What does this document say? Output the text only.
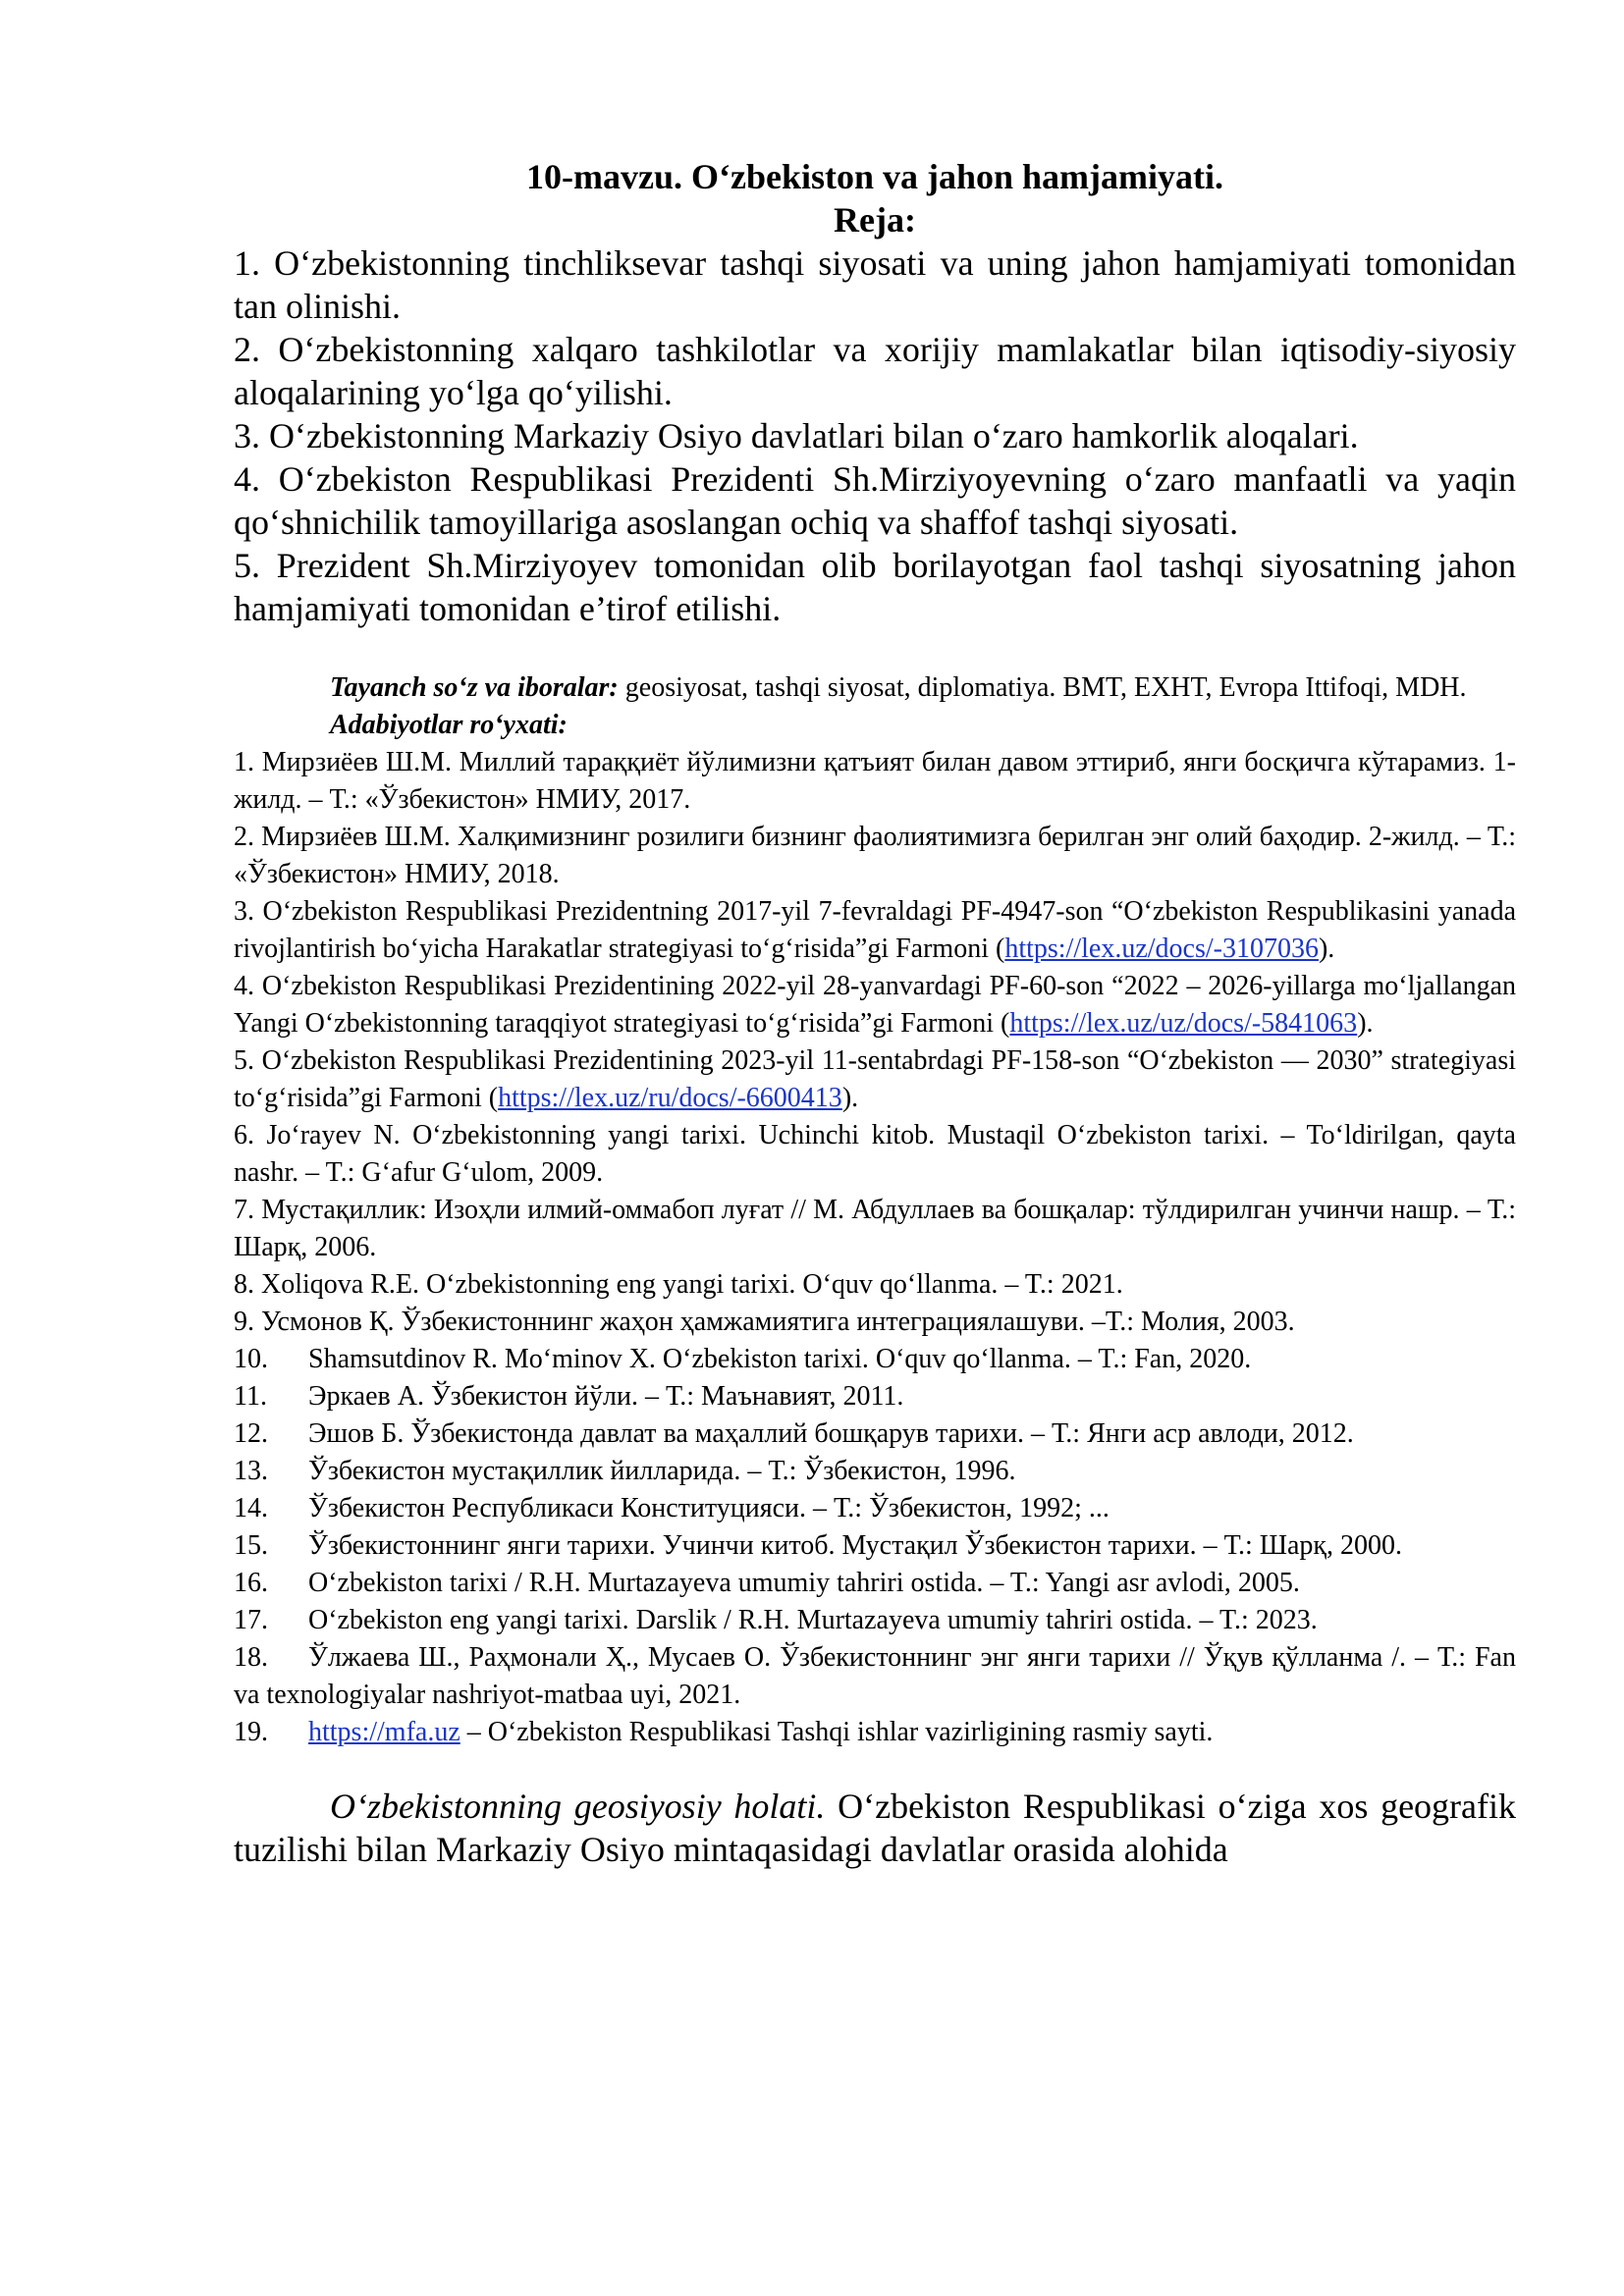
10-mavzu. O‘zbekiston va jahon hamjamiyati.
Reja:
1. O‘zbekistonning tinchliksevar tashqi siyosati va uning jahon hamjamiyati tomonidan tan olinishi.
2. O‘zbekistonning xalqaro tashkilotlar va xorijiy mamlakatlar bilan iqtisodiy-siyosiy aloqalarining yo‘lga qo‘yilishi.
3. O‘zbekistonning Markaziy Osiyo davlatlari bilan o‘zaro hamkorlik aloqalari.
4. O‘zbekiston Respublikasi Prezidenti Sh.Mirziyoyevning o‘zaro manfaatli va yaqin qo‘shnichilik tamoyillariga asoslangan ochiq va shaffof tashqi siyosati.
5. Prezident Sh.Mirziyoyev tomonidan olib borilayotgan faol tashqi siyosatning jahon hamjamiyati tomonidan e’tirof etilishi.
Tayanch so‘z va iboralar: geosiyosat, tashqi siyosat, diplomatiya. BMT, EXHT, Evropa Ittifoqi, MDH.
Adabiyotlar ro‘yxati:
1. Мирзиёев Ш.М. Миллий тараққиёт йўлимизни қатъият билан давом эттириб, янги босқичга кўтарамиз. 1-жилд. – Т.: «Ўзбекистон» НМИУ, 2017.
2. Мирзиёев Ш.М. Халқимизнинг розилиги бизнинг фаолиятимизга берилган энг олий баҳодир. 2-жилд. – Т.: «Ўзбекистон» НМИУ, 2018.
3. O‘zbekiston Respublikasi Prezidentning 2017-yil 7-fevraldagi PF-4947-son “O‘zbekiston Respublikasini yanada rivojlantirish bo‘yicha Harakatlar strategiyasi to‘g‘risida”gi Farmoni (https://lex.uz/docs/-3107036).
4. O‘zbekiston Respublikasi Prezidentining 2022-yil 28-yanvardagi PF-60-son “2022 – 2026-yillarga mo‘ljallangan Yangi O‘zbekistonning taraqqiyot strategiyasi to‘g‘risida”gi Farmoni (https://lex.uz/uz/docs/-5841063).
5. O‘zbekiston Respublikasi Prezidentining 2023-yil 11-sentabrdagi PF-158-son “O‘zbekiston — 2030” strategiyasi to‘g‘risida”gi Farmoni (https://lex.uz/ru/docs/-6600413).
6. Jo‘rayev N. O‘zbekistonning yangi tarixi. Uchinchi kitob. Mustaqil O‘zbekiston tarixi. – To‘ldirilgan, qayta nashr. – T.: G‘afur G‘ulom, 2009.
7. Мустақиллик: Изоҳли илмий-оммабоп луғат // М. Абдуллаев ва бошқалар: тўлдирилган учинчи нашр. – Т.: Шарқ, 2006.
8. Xoliqova R.E. O‘zbekistonning eng yangi tarixi. O‘quv qo‘llanma. – T.: 2021.
9. Усмонов Қ. Ўзбекистоннинг жаҳон ҳамжамиятига интеграциялашуви. –Т.: Молия, 2003.
10. Shamsutdinov R. Mo‘minov X. O‘zbekiston tarixi. O‘quv qo‘llanma. – T.: Fan, 2020.
11. Эркаев А. Ўзбекистон йўли. – Т.: Маънавият, 2011.
12. Эшов Б. Ўзбекистонда давлат ва маҳаллий бошқарув тарихи. – Т.: Янги аср авлоди, 2012.
13. Ўзбекистон мустақиллик йилларида. – Т.: Ўзбекистон, 1996.
14. Ўзбекистон Республикаси Конституцияси. – Т.: Ўзбекистон, 1992; ...
15. Ўзбекистоннинг янги тарихи. Учинчи китоб. Мустақил Ўзбекистон тарихи. – Т.: Шарқ, 2000.
16. O‘zbekiston tarixi / R.H. Murtazayeva umumiy tahriri ostida. – T.: Yangi asr avlodi, 2005.
17. O‘zbekiston eng yangi tarixi. Darslik / R.H. Murtazayeva umumiy tahriri ostida. – T.: 2023.
18. Ўлжаева Ш., Раҳмонали Ҳ., Мусаев О. Ўзбекистоннинг энг янги тарихи // Ўқув қўлланма /. – Т.: Fan va texnologiyalar nashriyot-matbaa uyi, 2021.
19. https://mfa.uz – O‘zbekiston Respublikasi Tashqi ishlar vazirligining rasmiy sayti.
O‘zbekistonning geosiyosiy holati. O‘zbekiston Respublikasi o‘ziga xos geografik tuzilishi bilan Markaziy Osiyo mintaqasidagi davlatlar orasida alohida
